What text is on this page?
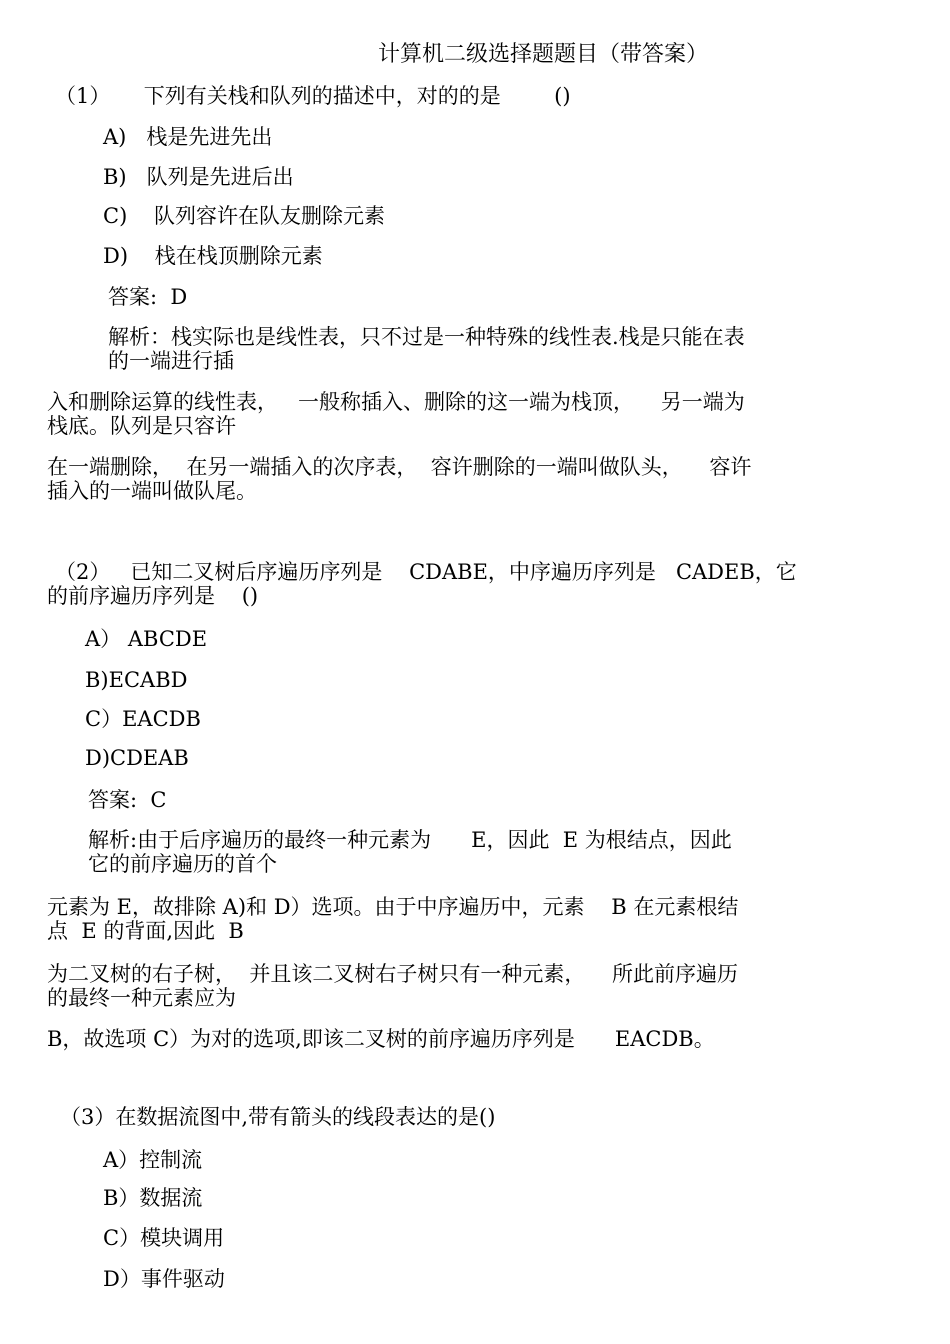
计算机二级选择题题目（带答案）

（1）     下列有关栈和队列的描述中，对的的是        ()

A)   栈是先进先出

B)   队列是先进后出

C)    队列容许在队友删除元素

D)    栈在栈顶删除元素

答案:  D

解析：栈实际也是线性表，只不过是一种特殊的线性表.栈是只能在表

的一端进行插

入和删除运算的线性表，   一般称插入、删除的这一端为栈顶，    另一端为

栈底。队列是只容许

在一端删除，  在另一端插入的次序表，  容许删除的一端叫做队头，    容许

插入的一端叫做队尾。

（2）   已知二叉树后序遍历序列是    CDABE，中序遍历序列是   CADEB，它

的前序遍历序列是    ()

A） ABCDE

B)ECABD

C）EACDB

D)CDEAB

答案:  C

解析:由于后序遍历的最终一种元素为      E，因此  E 为根结点，因此

它的前序遍历的首个

元素为 E，故排除 A)和 D）选项。由于中序遍历中，元素    B 在元素根结

点  E 的背面,因此  B

为二叉树的右子树，  并且该二叉树右子树只有一种元素，    所此前序遍历

的最终一种元素应为

B，故选项 C）为对的选项,即该二叉树的前序遍历序列是      EACDB。

（3）在数据流图中,带有箭头的线段表达的是()

A）控制流

B）数据流

C）模块调用

D）事件驱动
